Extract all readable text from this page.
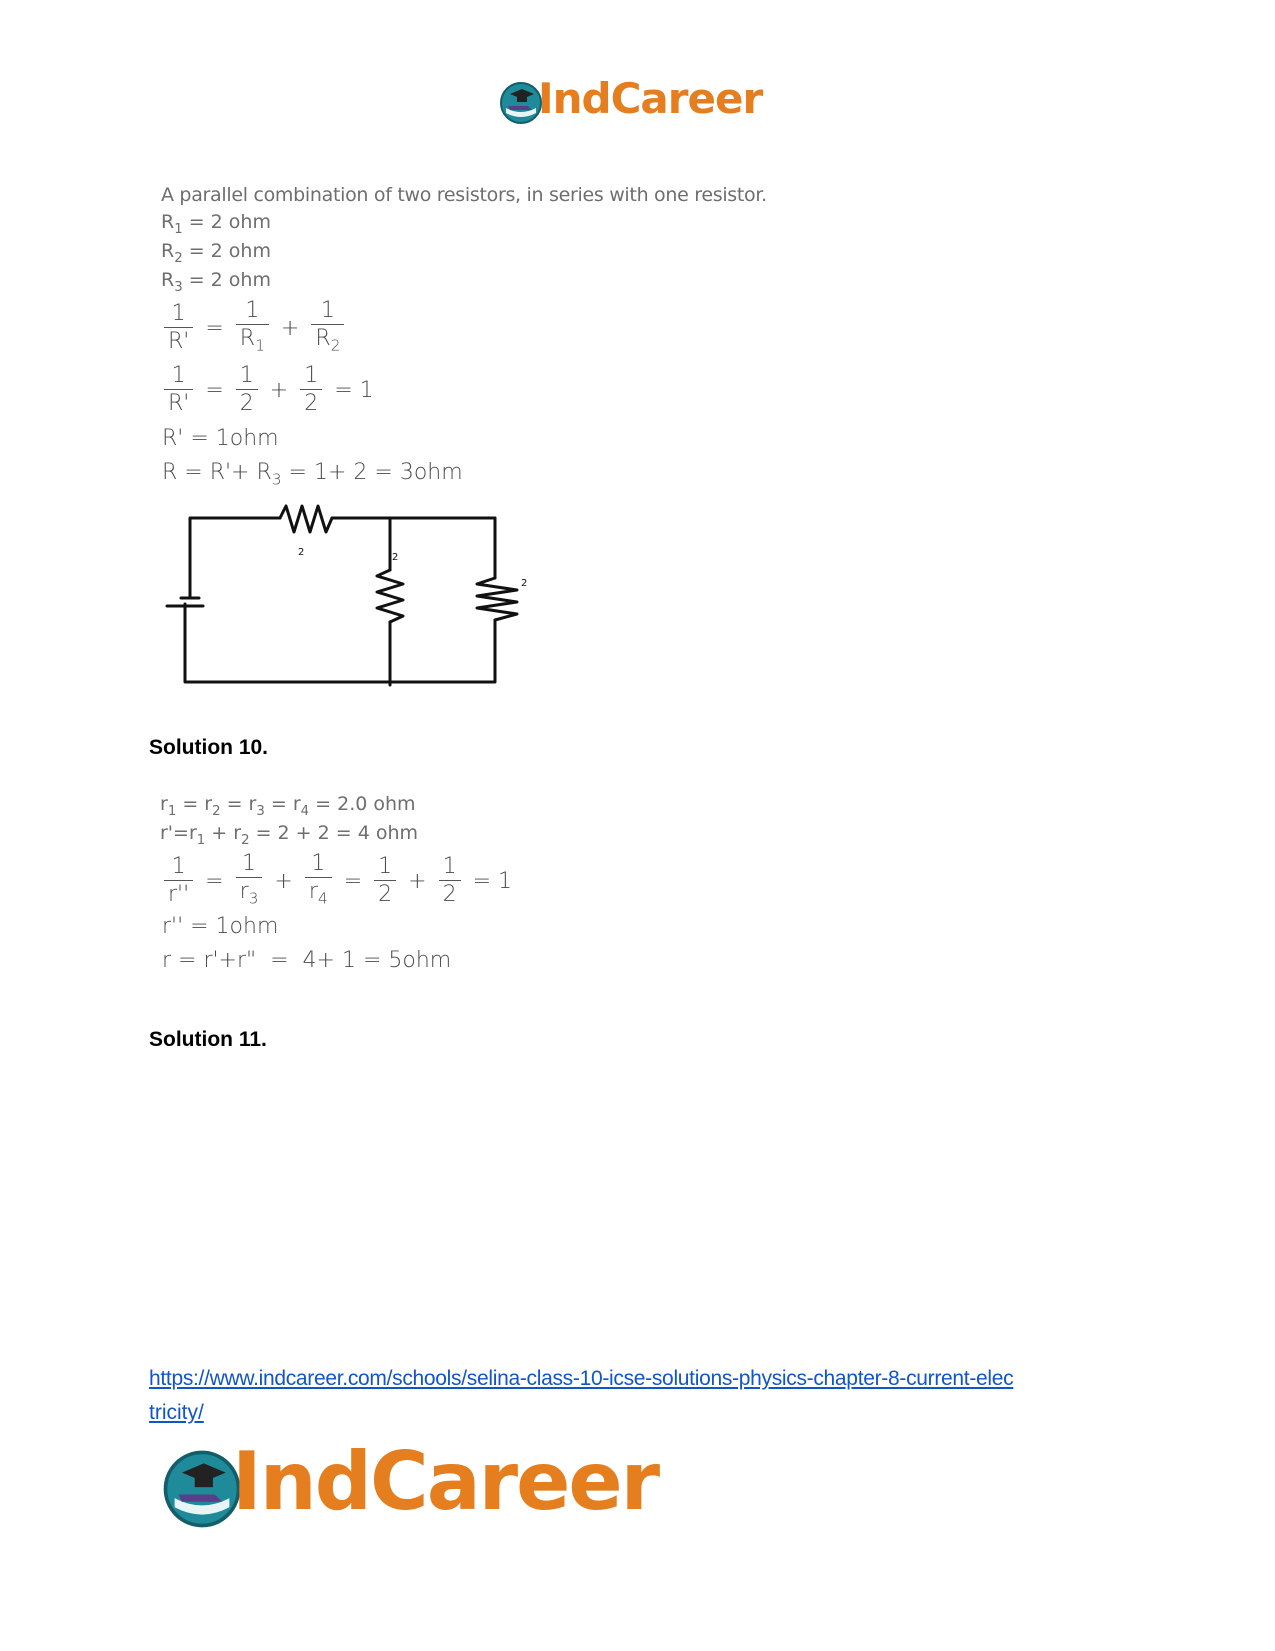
IndCareer
A parallel combination of two resistors, in series with one resistor.
$R_1 = 2$ ohm
$R_2 = 2$ ohm
$R_3 = 2$ ohm
$\frac{1}{R'} = \frac{1}{R_1} + \frac{1}{R_2}$
$\frac{1}{R'} = \frac{1}{2} + \frac{1}{2} = 1$
R' = 1ohm
$R = R'+ R_3 = 1+ 2 = 3ohm$
2	2
2
Solution 10.
$r_1 = r_2 = r_3 = r_4 = 2.0$ ohm
$r'=r_1 + r_2 = 2 + 2 = 4$ ohm
$\frac{1}{r''} = \frac{1}{r_3} + \frac{1}{r_4} = \frac{1}{2} + \frac{1}{2} = 1$
r'' = 1ohm
r = r'+r"  =  4+ 1 = 5ohm
Solution 11.
https://www.indcareer.com/schools/selina-class-10-icse-solutions-physics-chapter-8-current-elec
tricity/
IndCareer
